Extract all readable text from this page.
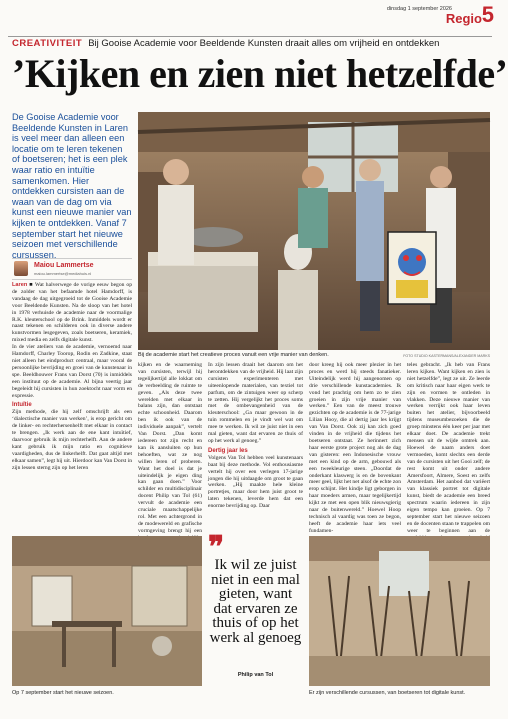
dinsdag 1 september 2026
Regio 5
CREATIVITEIT Bij Gooise Academie voor Beeldende Kunsten draait alles om vrijheid en ontdekken
’Kijken en zien niet hetzelfde’
De Gooise Academie voor Beeldende Kunsten in Laren is veel meer dan alleen een locatie om te leren tekenen of boetseren; het is een plek waar ratio en intuïtie samenkomen. Hier ontdekken cursisten aan de waan van de dag om via kunst een nieuwe manier van kijken te ontdekken. Vanaf 7 september start het nieuwe seizoen met verschillende cursussen.
Maiou Lammertse
maiou.lammertse@mediahuis.nl
Bij de academie start het creatieve proces vanuit een vrije manier van denken.	FOTO STUDIO KASTERMANS/ALEXANDER MARKS

Laren ■ Wat halverwege de vorige eeuw begon op de zolder van het befaamde hotel Hamdorff, is vandaag de dag uitgegroeid tot de Gooise Academie voor Beeldende Kunsten. Na de sloop van het hotel in 1978 verhuisde de academie naar de voormalige R.K. kleuterschool op de Brink. Inmiddels wordt er naast tekenen en schilderen ook in diverse andere kunstvormen lesgegeven, zoals boetseren, keramiek, mixed media en zelfs digitale kunst.

In de vier ateliers van de academie, vernoemd naar Hamdorff, Charley Toorop, Rodin en Zadkine, staat niet alleen het eindproduct centraal, maar vooral de persoonlijke bevrijding en groei van de kunstenaar in spe. Beeldhouwer Frans van Dorst (70) is inmiddels een instituut op de academie. Al bijna veertig jaar begeleidt hij cursisten in hun zoektocht naar vorm en expressie.

Intuïtie

Zijn methode, die hij zelf omschrijft als een ‘dialectische manier van werken’, is erop gericht om de linker- en rechterhersenhelft met elkaar in contact te brengen. „Ik werk aan de ene kant intuïtief, daarvoor gebruik ik mijn rechterhelft. Aan de andere kant gebruik ik mijn ratio en cognitieve vaardigheden, dus de linkerhelft. Dat gaat altijd met elkaar samen”, legt hij uit. Hierdoor kan Van Dorst in zijn lessen sterng zijn op het leren

kijken en de waarneming van cursisten, terwijl hij tegelijkertijd alle lokkat om de verbeelding de ruimte te geven. „Als deze twee werelden met elkaar in balans zijn, dan ontstaat echte schoonheid. Daarom ben ik ook van de individuele aanpak”, vertelt Van Dorst. „Dan komt iedereen tot zijn recht en kan ik aansluiten op hun behoeften, wat ze nog willen leren of proberen. Want het doel is dat je uiteindelijk je eigen ding kan gaan doen.” Voor schilder en multidisciplinair docent Philip van Tol (61) vervult de academie een cruciale maatschappelijke rol. Met een achtergrond in de modewereld en grafische vormgeving brengt hij een

In zijn lessen draait het daarom om het herontdekken van de vrijheid. Hij laat zijn cursisten experimenteren met uiteenlopende materialen, van textiel tot parfum, om de zintuigen weer op scherp te zetten. Hij vergelijkt het proces soms met de ombevangenheid van de kleuterschool: „Ga maar gewoon in de tuin rommelen en je vindt wel wat om mee te werken. Ik wil ze juist niet in een mal gieten, want dat ervaren ze thuis of op het werk al genoeg.”

Dertig jaar les

Volgens Van Tol hebben veel kunstenaars baat bij deze methode. Vol enthousiasme vertelt hij over een verlegen 17-jarige jongen die hij uitdaagde om groot te gaan werken. „Hij maakte hele kleine portretjes, maar door hem juist groot te laten tekenen, leverde hem dat een enorme bevrijding op. Daar

❞
Ik wil ze juist niet in een mal gieten, want dat ervaren ze thuis of op het werk al genoeg
Philip van Tol

door kreeg hij ook meer plezier in het proces en werd hij steeds fanatieker. Uiteindelijk werd hij aangenomen op drie verschillende kunstacademies. Ik vond het prachtig om hem zo te zien groeien in zijn vrije manier van werken.” Een van de meest trouwe gezichten op de academie is de 77-jarige Lilian Hooy, die al dertig jaar les krijgt van Van Dorst. Ook zij kan zich goed vinden in de vrijheid die tijdens het boetseren ontstaat. Ze herinnert zich haar eerste grote project nog als de dag van gisteren: een Indonesische vrouw met een kind op de arm, gebouwd als een tweekleurige steen. „Doordat de onderkant klaswerg is en de bovenkant meer geel, lijkt het net alsof de echte zon erop schijnt. Het kindje ligt geborgen in haar moeders armen, maar tegelijkertijd kijkt ze met een open blik nieuwsgierig naar de buitenwereld.” Hoewel Hoop technisch al vaardig was toen ze begon, heeft de academie haar iets veel fundamen-

teles gebracht. „Ik heb van Frans leren kijken. Want kijken en zien is niet hetzelfde”, legt ze uit. Ze leerde om kritisch naar haar eigen werk te zijn en vormen te ontleden in vlakken. Deze nieuwe manier van werken verrijkt ook haar leven buiten het atelier, bijvoorbeeld tijdens museumbezoeken die de groep minstens één keer per jaar met elkaar doet. De academie trekt mensen uit de wijde omtrek aan. Hoewel de naam anders doet vermoeden, komt slechts een derde van de cursisten uit het Gooi zelf; de rest komt uit onder andere Amersfoort, Almere, Soest en zelfs Amsterdam. Het aanbod dat variëert van klassiek portret tot digitale kunst, biedt de academie een breed spectrum waarin iedereen in zijn eigen tempo kan groeien. Op 7 september start het nieuwe seizoen en de docenten staan te trappelen om weer te beginnen aan de

Op 7 september start het nieuwe seizoen.	Er zijn verschillende cursussen, van boetseren tot digitale kunst.
